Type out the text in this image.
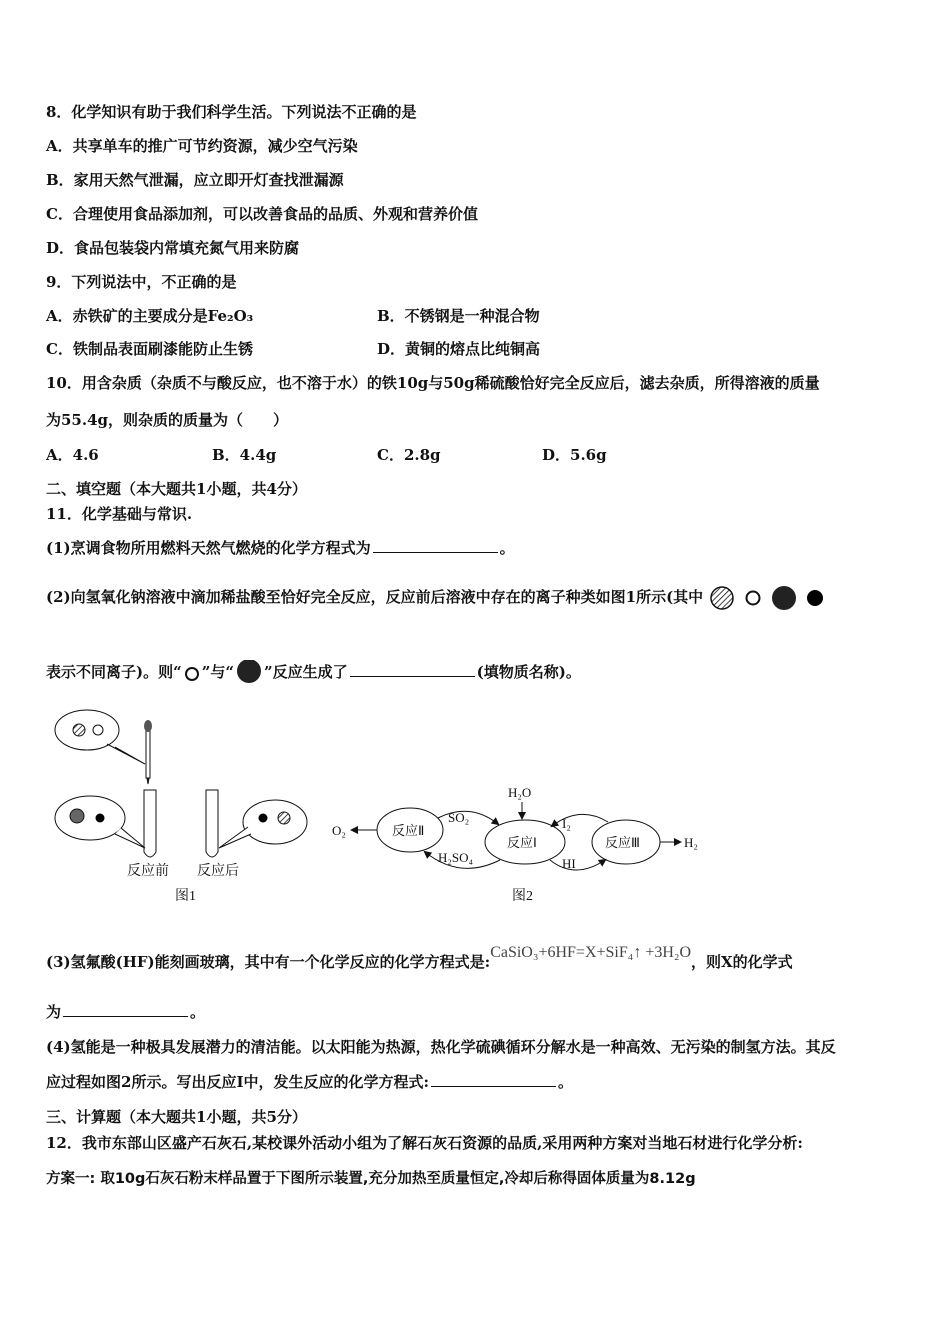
8．化学知识有助于我们科学生活。下列说法不正确的是
A．共享单车的推广可节约资源，减少空气污染
B．家用天然气泄漏，应立即开灯查找泄漏源
C．合理使用食品添加剂，可以改善食品的品质、外观和营养价值
D．食品包装袋内常填充氮气用来防腐
9．下列说法中，不正确的是
A．赤铁矿的主要成分是Fe₂O₃	B．不锈钢是一种混合物
C．铁制品表面刷漆能防止生锈	D．黄铜的熔点比纯铜高
10．用含杂质（杂质不与酸反应，也不溶于水）的铁10g与50g稀硫酸恰好完全反应后，滤去杂质，所得溶液的质量
为55.4g，则杂质的质量为（　　）
A．4.6	B．4.4g	C．2.8g	D．5.6g
二、填空题（本大题共1小题，共4分）
11．化学基础与常识.
(1)烹调食物所用燃料天然气燃烧的化学方程式为	。
(2)向氢氧化钠溶液中滴加稀盐酸至恰好完全反应，反应前后溶液中存在的离子种类如图1所示(其中
表示不同离子)。则“ ”与“ ”反应生成了	(填物质名称)。
反应前 反应后
图1
反应Ⅱ
反应Ⅰ	反应Ⅲ
O₂
H₂
H₂O
SO₂
H₂SO₄
I₂
HI
图2
(3)氢氟酸(HF)能刻画玻璃，其中有一个化学反应的化学方程式是:CaSiO₃+6HF=X+SiF₄↑ +3H₂O，则X的化学式
为	。
(4)氢能是一种极具发展潜力的清洁能。以太阳能为热源，热化学硫碘循环分解水是一种高效、无污染的制氢方法。其反
应过程如图2所示。写出反应Ⅰ中，发生反应的化学方程式:	。
三、计算题（本大题共1小题，共5分）
12．我市东部山区盛产石灰石,某校课外活动小组为了解石灰石资源的品质,采用两种方案对当地石材进行化学分析:
方案一: 取10g石灰石粉末样品置于下图所示装置,充分加热至质量恒定,冷却后称得固体质量为8.12g
